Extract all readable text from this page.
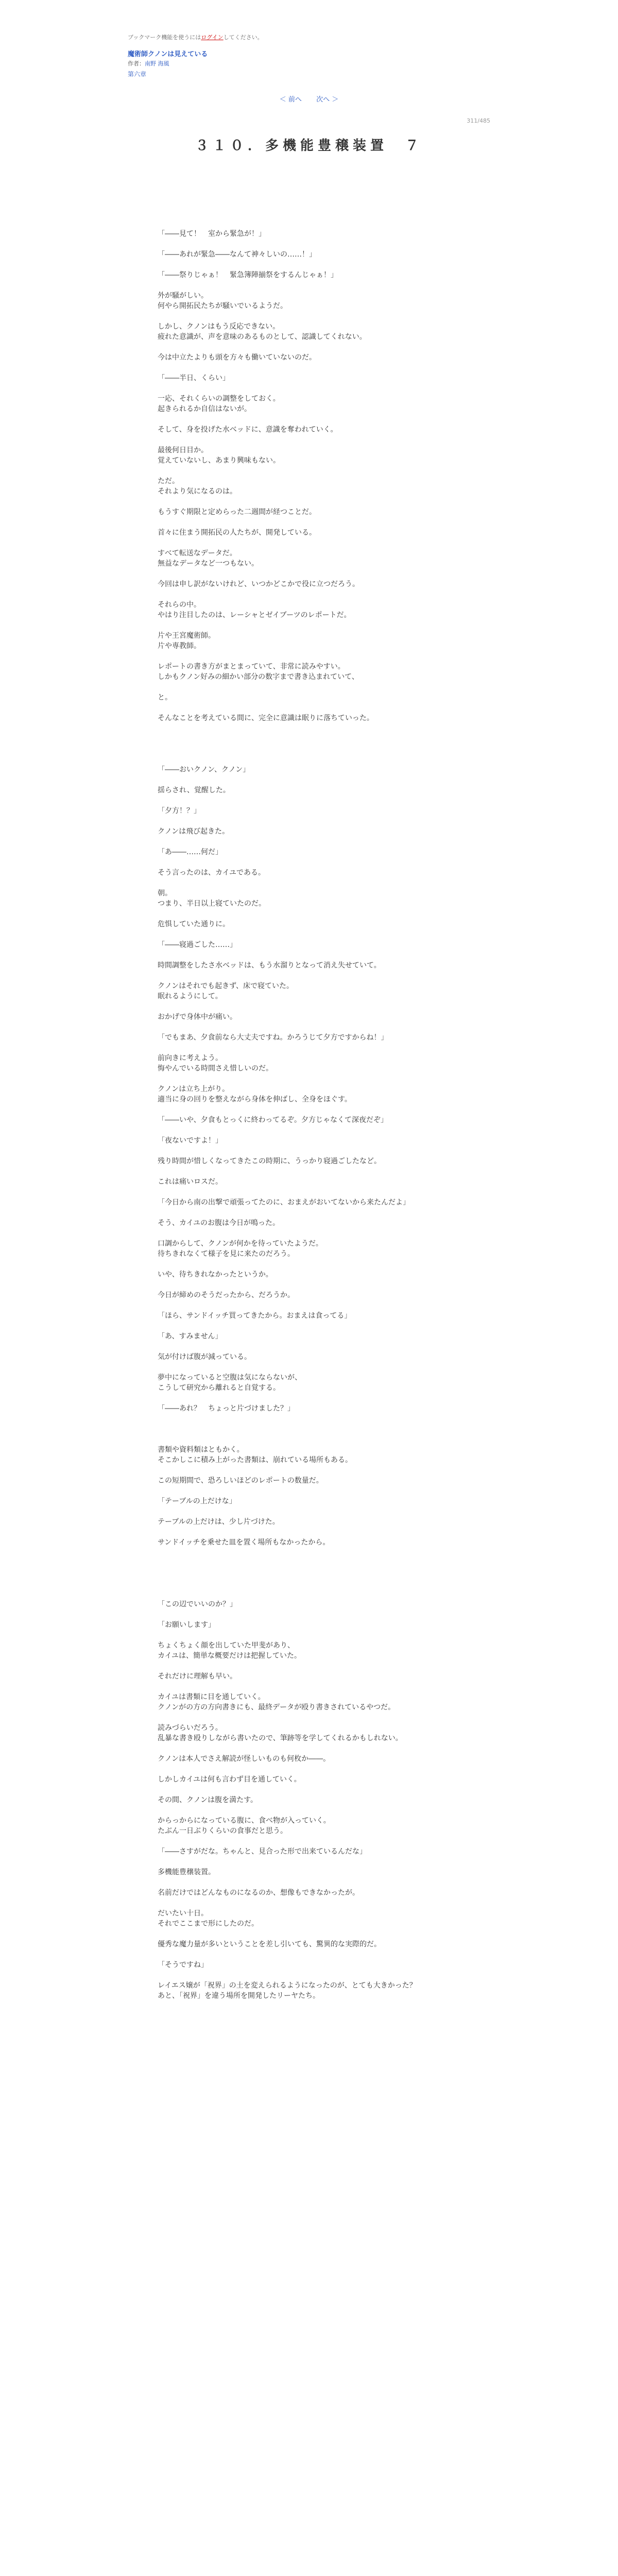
ブックマーク機能を使うにはログインしてください。
魔術師クノンは見えている
作者：南野 海風
第六章
＜ 前へ 次へ ＞
311/485
３１０．多機能豊穣装置　７

「――見て！　室から緊急が！」

「――あれが緊急――なんて神々しいの……！」

「――祭りじゃぁ！　緊急簿陣揃祭をするんじゃぁ！」

外が騒がしい。
何やら開拓民たちが騒いでいるようだ。

しかし、クノンはもう反応できない。
疲れた意識が、声を意味のあるものとして、認識してくれない。

今は中立たよりも頭を方々も働いていないのだ。

「――半日、くらい」

一応、それくらいの調整をしておく。
起きられるか自信はないが。

そして、身を投げた水ベッドに、意識を奪われていく。

最後何日目か。
覚えていないし、あまり興味もない。

ただ。
それより気になるのは。

もうすぐ期限と定めらった二週間が経つことだ。

首々に住まう開拓民の人たちが、開発している。

すべて転送なデータだ。
無益なデータなど一つもない。

今回は申し訳がないけれど、いつかどこかで役に立つだろう。

それらの中。
やはり注目したのは、レーシャとゼイブーツのレポートだ。

片や王宮魔術師。
片や専教師。

レポートの書き方がまとまっていて、非常に読みやすい。
しかもクノン好みの細かい部分の数字まで書き込まれていて、

と。

そんなことを考えている間に、完全に意識は眠りに落ちていった。

「――おいクノン、クノン」

揺らされ、覚醒した。

「夕方！？」

クノンは飛び起きた。

「あ――……何だ」

そう言ったのは、カイユである。

朝。
つまり、半日以上寝ていたのだ。

危惧していた通りに。

「――寝過ごした……」

時間調整をしたさ水ベッドは、もう水溜りとなって消え失せていて。

クノンはそれでも起きず、床で寝ていた。
眠れるようにして。

おかげで身体中が痛い。

「でもまあ、夕食前なら大丈夫ですね。かろうじて夕方ですからね！」

前向きに考えよう。
悔やんでいる時間さえ惜しいのだ。

クノンは立ち上がり。
適当に身の回りを整えながら身体を伸ばし、全身をほぐす。

「――いや、夕食もとっくに終わってるぞ。夕方じゃなくて深夜だぞ」

「夜ないですよ！」

残り時間が惜しくなってきたこの時期に、うっかり寝過ごしたなど。

これは痛いロスだ。

「今日から南の出撃で頑張ってたのに、おまえがおいてないから来たんだよ」

そう、カイユのお腹は今日が鳴った。

口調からして、クノンが何かを待っていたようだ。
待ちきれなくて様子を見に来たのだろう。

いや、待ちきれなかったというか。

今日が締めのそうだったから、だろうか。

「ほら、サンドイッチ買ってきたから。おまえは食ってる」

「あ、すみません」

気が付けば腹が減っている。

夢中になっていると空腹は気にならないが、
こうして研究から離れると自覚する。

「――あれ？　ちょっと片づけました？」

書類や資料類はともかく。
そこかしこに積み上がった書類は、崩れている場所もある。

この短期間で、恐ろしいほどのレポートの数量だ。

「テーブルの上だけな」

テーブルの上だけは、少し片づけた。

サンドイッチを乗せた皿を置く場所もなかったから。

「この辺でいいのか？」

「お願いします」

ちょくちょく顔を出していた甲斐があり、
カイユは、簡単な概要だけは把握していた。

それだけに理解も早い。

カイユは書類に目を通していく。
クノンがの方の方向書きにも、最終データが殴り書きされているやつだ。

読みづらいだろう。
乱暴な書き殴りしながら書いたので、筆跡等を学してくれるかもしれない。

クノンは本人でさえ解読が怪しいものも何枚か――。

しかしカイユは何も言わず目を通していく。

その間、クノンは腹を満たす。

からっからになっている腹に、食べ物が入っていく。
たぶん一日ぶりくらいの食事だと思う。

「――さすがだな。ちゃんと、見合った形で出来ているんだな」

多機能豊穣装置。

名前だけではどんなものになるのか、想像もできなかったが。

だいたい十日。
それでここまで形にしたのだ。

優秀な魔力量が多いということを差し引いても、驚異的な実際的だ。

「そうですね」

レイエス嬢が「祝界」の土を変えられるようになったのが、とても大きかった？
あと、「祝界」を違う場所を開発したリーヤたち。
